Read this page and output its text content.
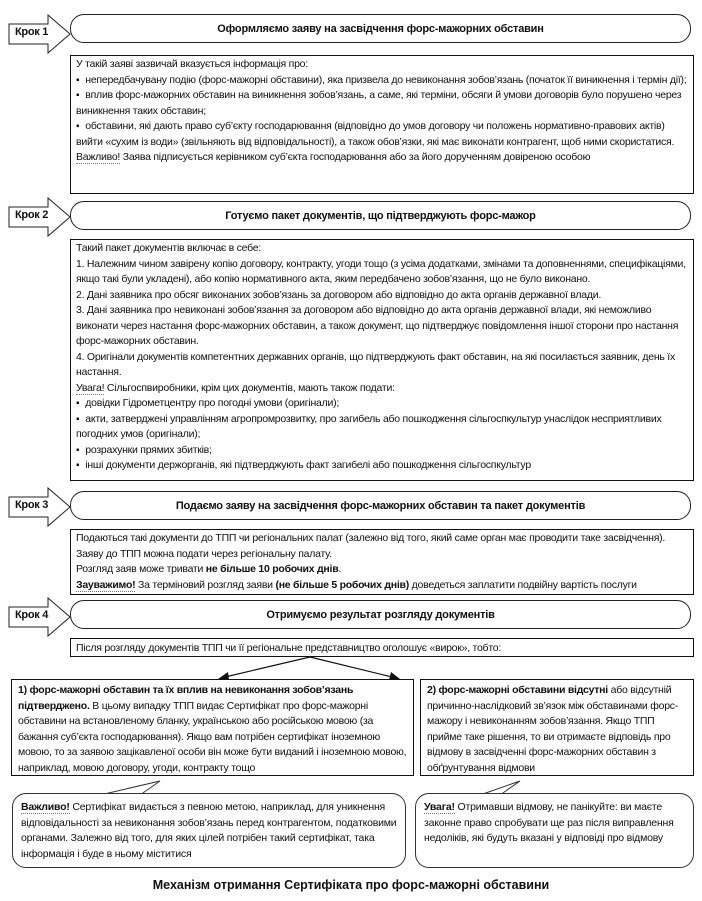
Крок 1	Оформляємо заяву на засвідчення форс-мажорних обставин

У такій заяві зазвичай вказується інформація про:

▪ непередбачувану подію (форс-мажорні обставини), яка призвела до невиконання зобов’язань (початок її виникнення і термін дії);

▪ вплив форс-мажорних обставин на виникнення зобов’язань, а саме, які терміни, обсяги й умови договорів було порушено через виникнення таких обставин;

▪ обставини, які дають право суб’єкту господарювання (відповідно до умов договору чи положень нормативно-правових актів) вийти «сухим із води» (звільняють від відповідальності), а також обов’язки, які має виконати контрагент, щоб ними скористатися.

Важливо! Заява підписується керівником суб’єкта господарювання або за його дорученням довіреною особою

Крок 2	Готуємо пакет документів, що підтверджують форс-мажор

Такий пакет документів включає в себе:

1. Належним чином завірену копію договору, контракту, угоди тощо (з усіма додатками, змінами та доповненнями, специфікаціями, якщо такі були укладені), або копію нормативного акта, яким передбачено зобов’язання, що не було виконано.

2. Дані заявника про обсяг виконаних зобов’язань за договором або відповідно до акта органів державної влади.

3. Дані заявника про невиконані зобов’язання за договором або відповідно до акта органів державної влади, які неможливо виконати через настання форс-мажорних обставин, а також документ, що підтверджує повідомлення іншої сторони про настання форс-мажорних обставин.

4. Оригінали документів компетентних державних органів, що підтверджують факт обставин, на які посилається заявник, день їх настання.

Увага! Сільгоспвиробники, крім цих документів, мають також подати:

▪ довідки Гідрометцентру про погодні умови (оригінали);

▪ акти, затверджені управлінням агропромрозвитку, про загибель або пошкодження сільгоспкультур унаслідок несприятливих погодних умов (оригінали);

▪ розрахунки прямих збитків;

▪ інші документи держорганів, які підтверджують факт загибелі або пошкодження сільгоспкультур

Крок 3	Подаємо заяву на засвідчення форс-мажорних обставин та пакет документів

Подаються такі документи до ТПП чи регіональних палат (залежно від того, який саме орган має проводити таке засвідчення). Заяву до ТПП можна подати через регіональну палату.

Розгляд заяв може тривати не більше 10 робочих днів.

Зауважимо! За терміновий розгляд заяви (не більше 5 робочих днів) доведеться заплатити подвійну вартість послуги

Крок 4	Отримуємо результат розгляду документів

Після розгляду документів ТПП чи її регіональне представництво оголошує «вирок», тобто:

1) форс-мажорні обставин та їх вплив на невиконання зобов’язань підтверджено. В цьому випадку ТПП видає Сертифікат про форс-мажорні обставини на встановленому бланку, українською або російською мовою (за бажання суб’єкта господарювання). Якщо вам потрібен сертифікат іноземною мовою, то за заявою зацікавленої особи він може бути виданий і іноземною мовою, наприклад, мовою договору, угоди, контракту тощо

2) форс-мажорні обставини відсутні або відсутній причинно-наслідковий зв’язок між обставинами форс-мажору і невиконанням зобов’язання. Якщо ТПП прийме таке рішення, то ви отримаєте відповідь про відмову в засвідченні форс-мажорних обставин з обґрунтування відмови

Важливо! Сертифікат видається з певною метою, наприклад, для уникнення відповідальності за невиконання зобов’язань перед контрагентом, податковими органами. Залежно від того, для яких цілей потрібен такий сертифікат, така інформація і буде в ньому міститися
Увага! Отримавши відмову, не панікуйте: ви маєте законне право спробувати ще раз після виправлення недоліків, які будуть вказані у відповіді про відмову
Механізм отримання Сертифіката про форс-мажорні обставини
